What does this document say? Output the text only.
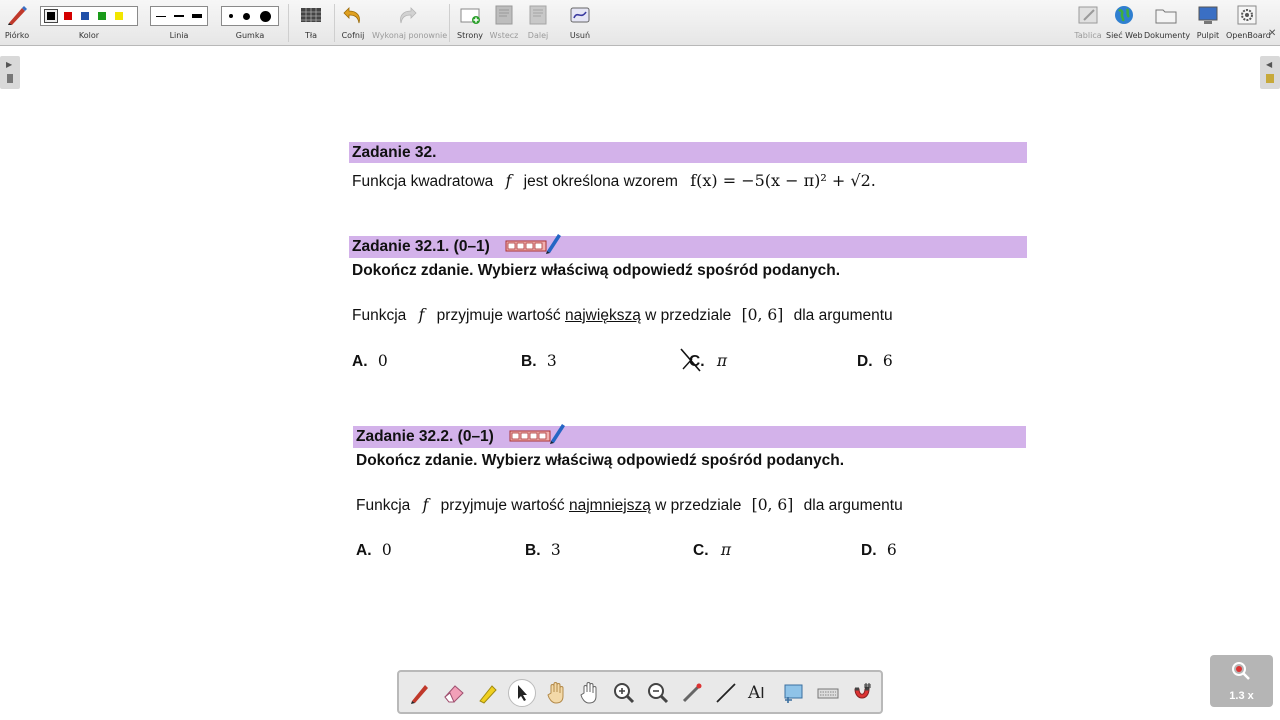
Piórko	Kolor	Linia	Gumka	Tła	Cofnij Wykonaj ponownie Strony Wstecz	Dalej	Usuń	Tablica Sieć Web Dokumenty Pulpit OpenBoard
✕
▶	◀
Zadanie 32.
Funkcja kwadratowa f jest określona wzorem f(x) = −5(x − π)² + √2.
Zadanie 32.1. (0–1)
Dokończ zdanie. Wybierz właściwą odpowiedź spośród podanych.
Funkcja f przyjmuje wartość największą w przedziale [0, 6] dla argumentu
A. 0	B. 3	C. π	D. 6
Zadanie 32.2. (0–1)
Dokończ zdanie. Wybierz właściwą odpowiedź spośród podanych.
Funkcja f przyjmuje wartość najmniejszą w przedziale [0, 6] dla argumentu
A. 0	B. 3	C. π	D. 6
AI	1.3 x
